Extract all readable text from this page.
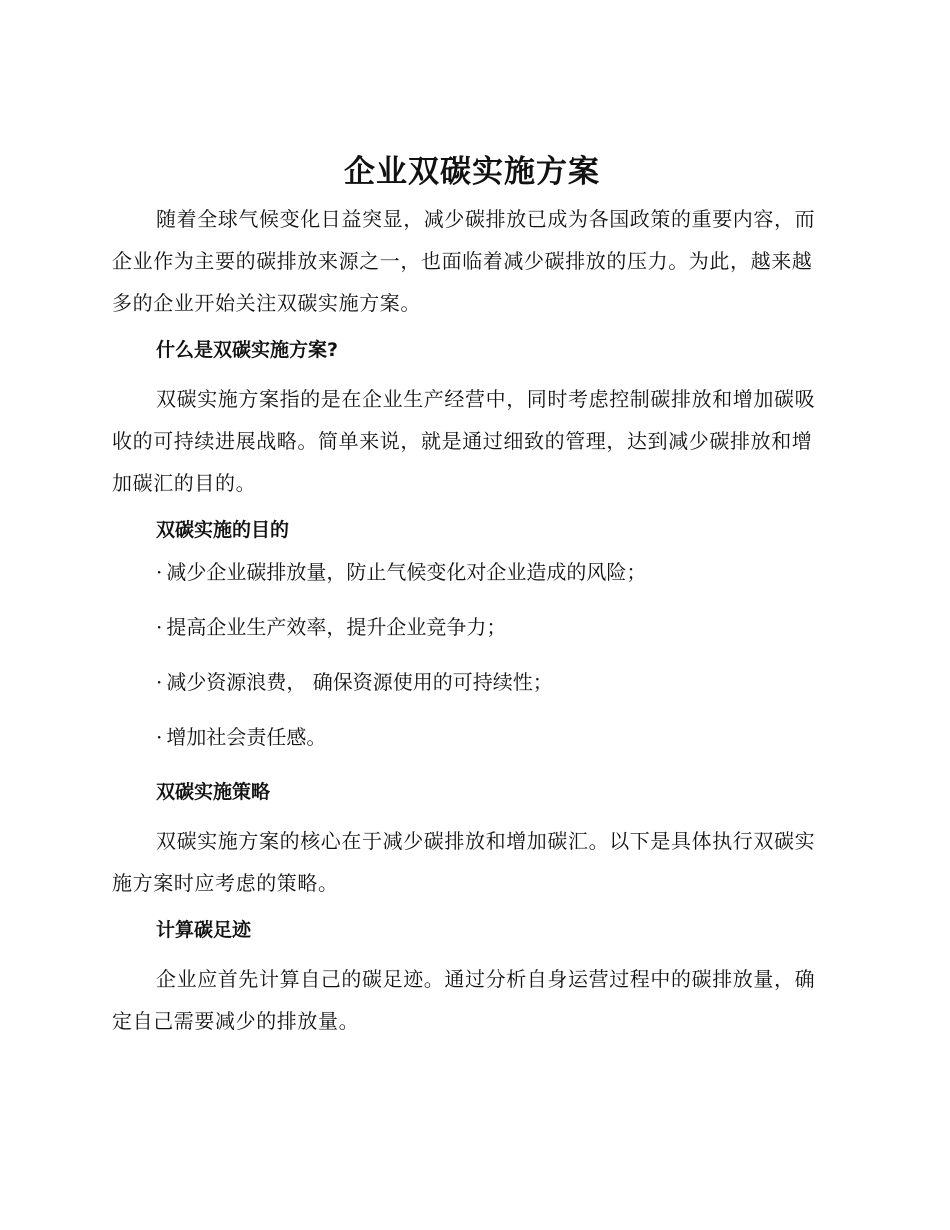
企业双碳实施方案

随着全球气候变化日益突显，减少碳排放已成为各国政策的重要内容，而企业作为主要的碳排放来源之一，也面临着减少碳排放的压力。为此，越来越多的企业开始关注双碳实施方案。

什么是双碳实施方案?

双碳实施方案指的是在企业生产经营中，同时考虑控制碳排放和增加碳吸收的可持续进展战略。简单来说，就是通过细致的管理，达到减少碳排放和增加碳汇的目的。

双碳实施的目的
· 减少企业碳排放量，防止气候变化对企业造成的风险；
· 提高企业生产效率，提升企业竞争力；
· 减少资源浪费， 确保资源使用的可持续性；
· 增加社会责任感。
双碳实施策略

双碳实施方案的核心在于减少碳排放和增加碳汇。以下是具体执行双碳实施方案时应考虑的策略。

计算碳足迹

企业应首先计算自己的碳足迹。通过分析自身运营过程中的碳排放量，确定自己需要减少的排放量。
